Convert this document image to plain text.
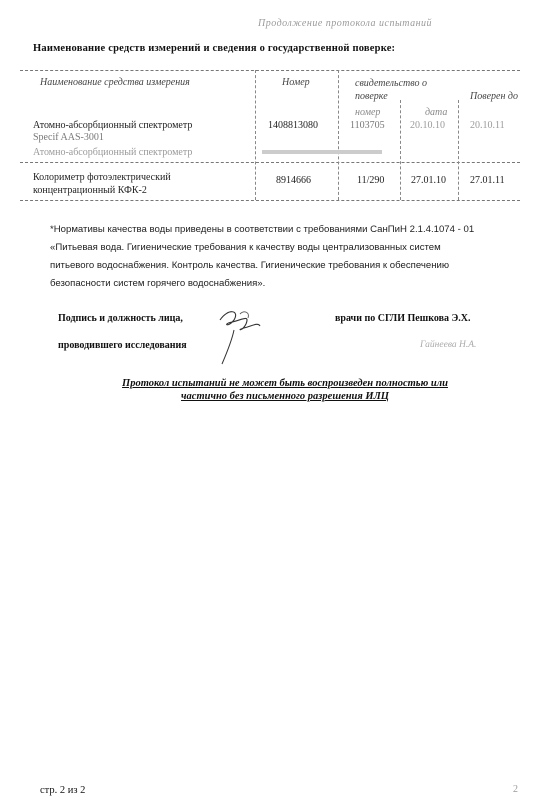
Продолжение протокола испытаний
Наименование средств измерений и сведения о государственной поверке:
Наименование средства измерения	Номер	свидетельство о поверке	Поверен до
номер	дата
Атомно-абсорбционный спектрометр
Specif AAS-3001
1408813080	1103705	20.10.10	20.10.11
Атомно-абсорбционный спектрометр
Колориметр фотоэлектрический
концентрационный КФК-2
8914666	11/290	27.01.10 27.01.11
*Нормативы качества воды приведены в соответствии с требованиями СанПиН 2.1.4.1074 - 01
«Питьевая вода. Гигиенические требования к качеству воды централизованных систем
питьевого водоснабжения. Контроль качества. Гигиенические требования к обеспечению
безопасности систем горячего водоснабжения».
Подпись и должность лица,
проводившего исследования
врачи по СГЛИ Пешкова Э.Х.
Гайнеева Н.А.
Протокол испытаний не может быть воспроизведен полностью или
частично без письменного разрешения ИЛЦ
стр. 2 из 2	2
